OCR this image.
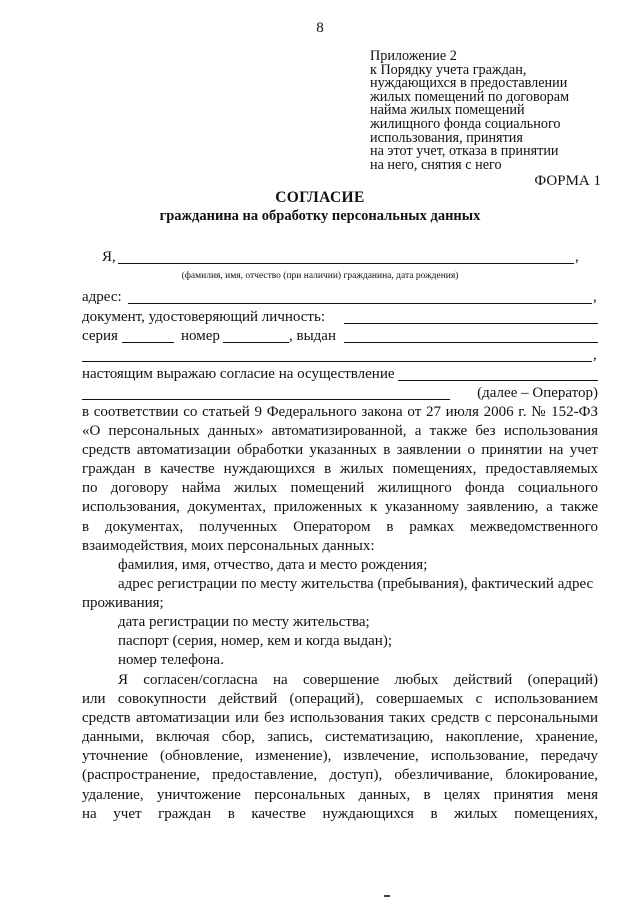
8
Приложение 2
к Порядку учета граждан,
нуждающихся в предоставлении
жилых помещений по договорам
найма жилых помещений
жилищного фонда социального
использования, принятия
на этот учет, отказа в принятии
на него, снятия с него
ФОРМА 1
СОГЛАСИЕ
гражданина на обработку персональных данных
Я,	,
(фамилия, имя, отчество (при наличии) гражданина, дата рождения)
адрес:	,
документ, удостоверяющий личность:
серия	номер	, выдан
,
настоящим выражаю согласие на осуществление
(далее – Оператор)
в соответствии со статьей 9 Федерального закона от 27 июля 2006 г. № 152-ФЗ
«О персональных данных» автоматизированной, а также без использования
средств автоматизации обработки указанных в заявлении о принятии на учет
граждан в качестве нуждающихся в жилых помещениях, предоставляемых
по договору найма жилых помещений жилищного фонда социального
использования, документах, приложенных к указанному заявлению, а также
в документах, полученных Оператором в рамках межведомственного
взаимодействия, моих персональных данных:
фамилия, имя, отчество, дата и место рождения;
адрес регистрации по месту жительства (пребывания), фактический адрес
проживания;
дата регистрации по месту жительства;
паспорт (серия, номер, кем и когда выдан);
номер телефона.
Я согласен/согласна на совершение любых действий (операций)
или совокупности действий (операций), совершаемых с использованием
средств автоматизации или без использования таких средств с персональными
данными, включая сбор, запись, систематизацию, накопление, хранение,
уточнение (обновление, изменение), извлечение, использование, передачу
(распространение, предоставление, доступ), обезличивание, блокирование,
удаление, уничтожение персональных данных, в целях принятия меня
на учет граждан в качестве нуждающихся в жилых помещениях,
